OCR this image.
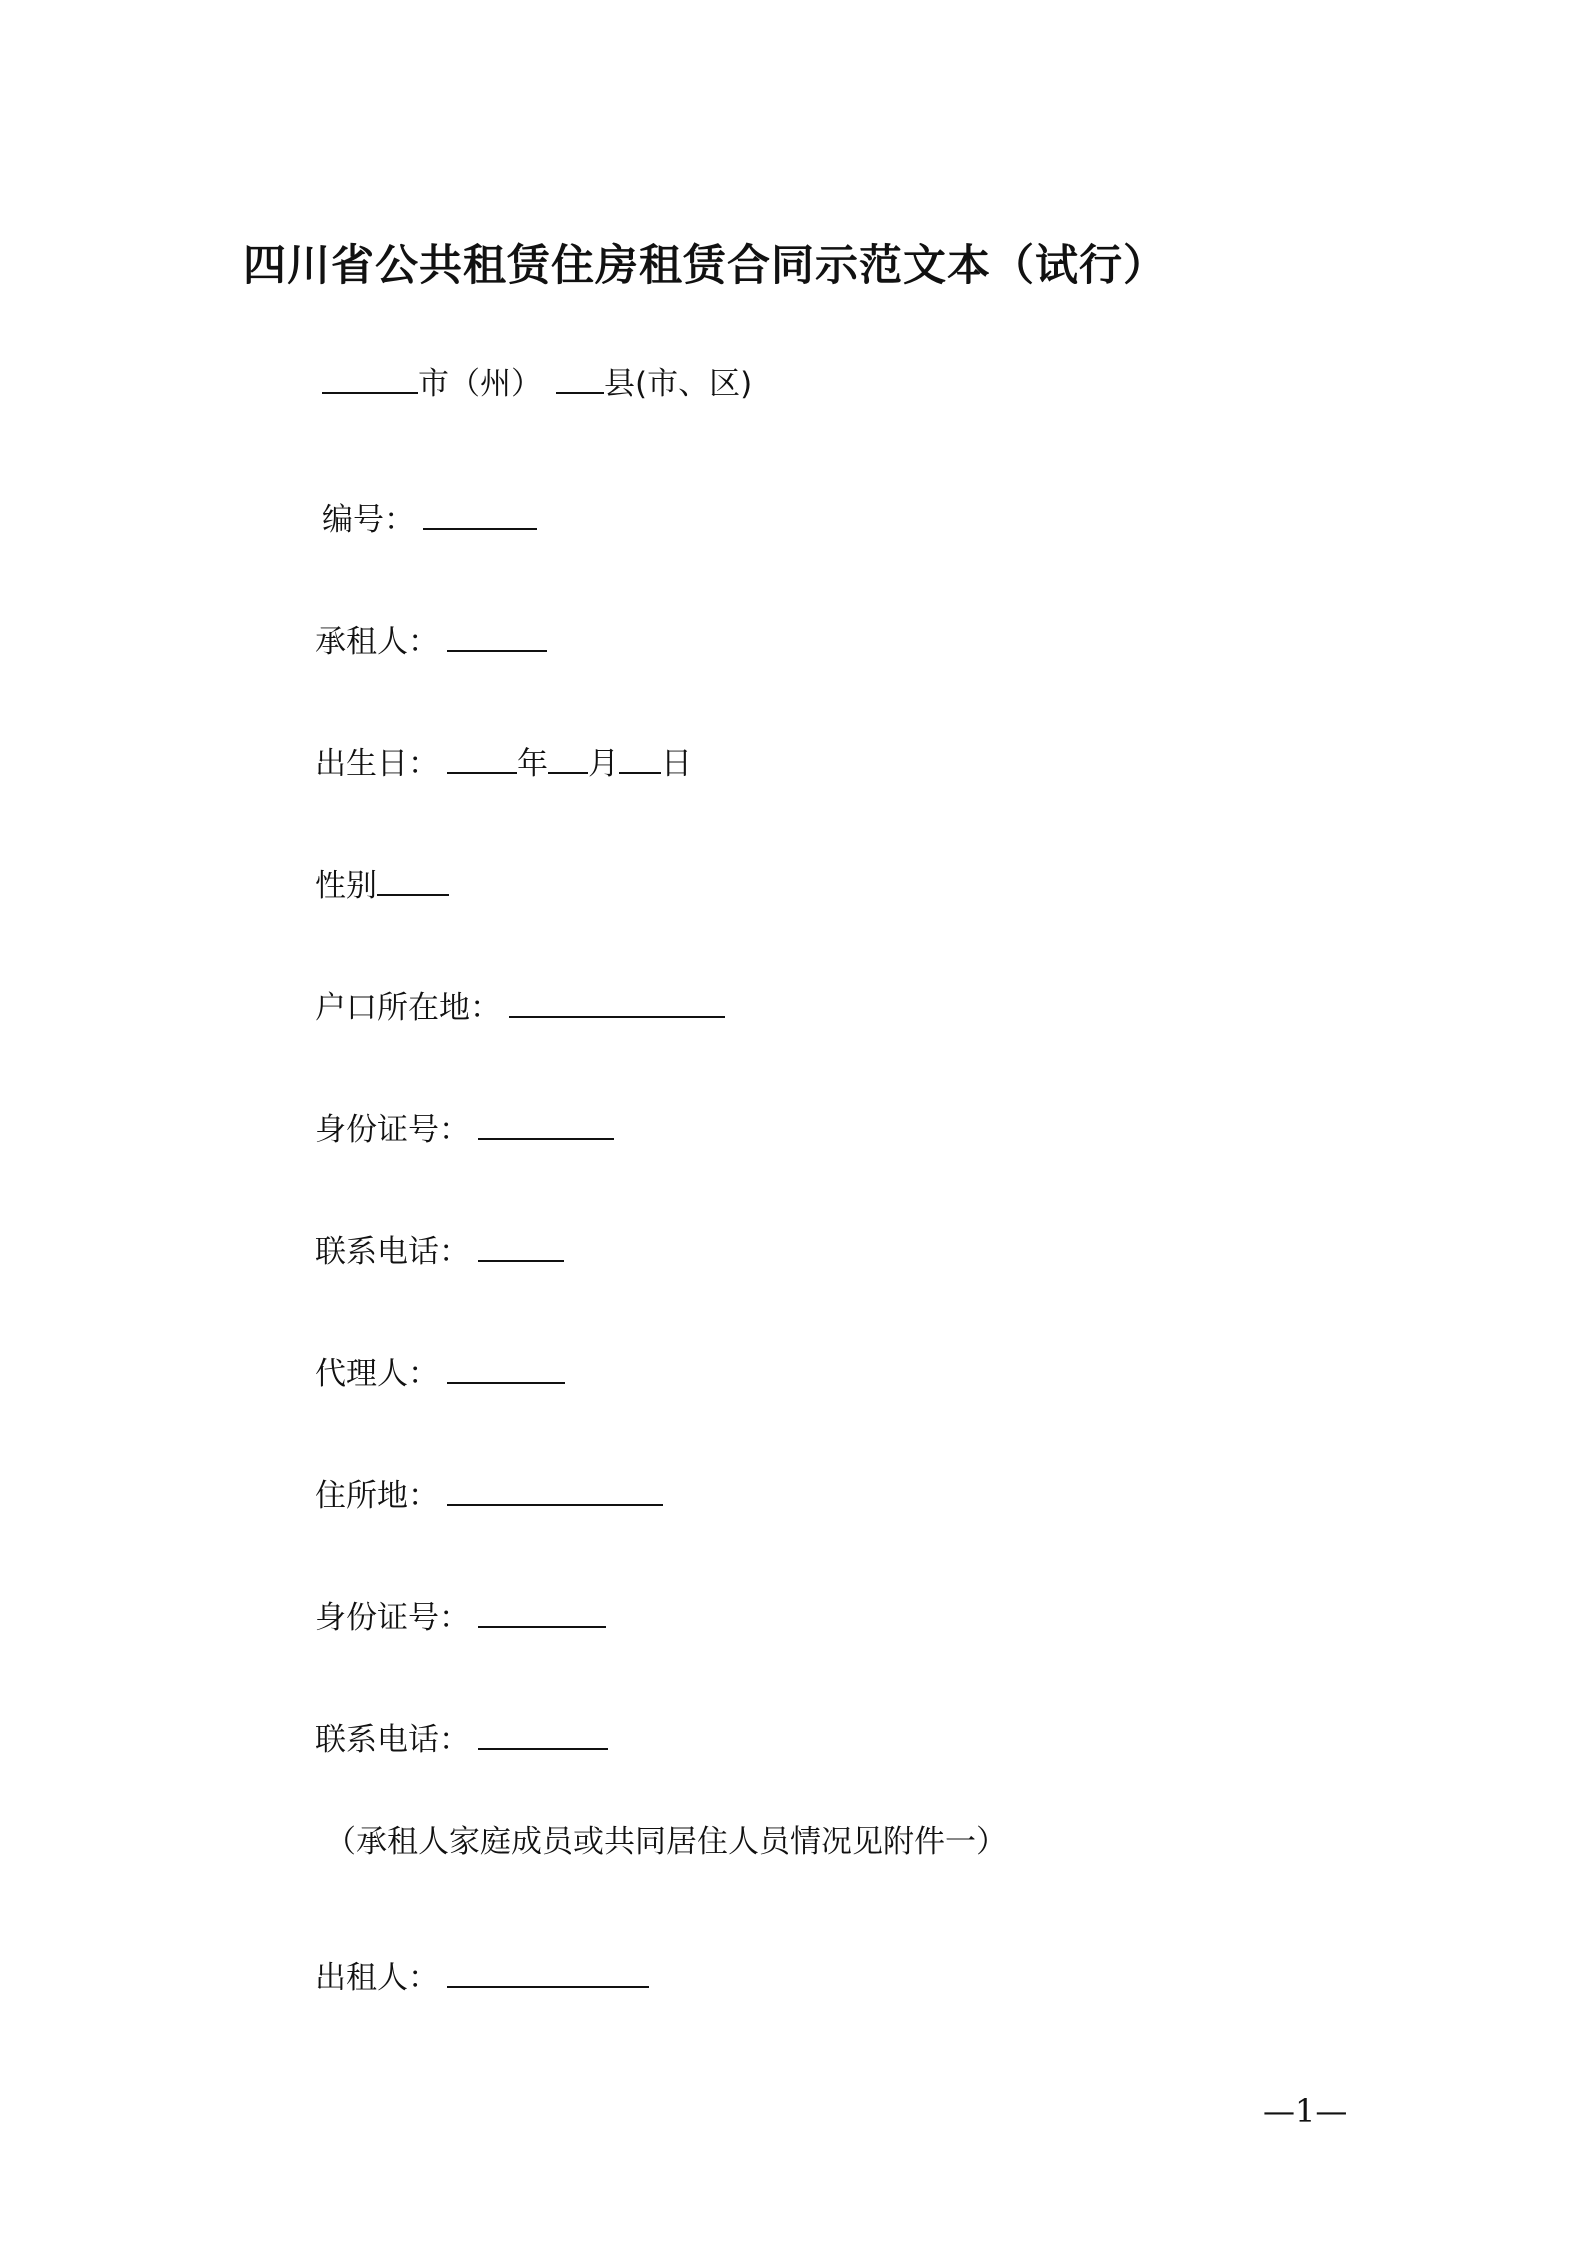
四川省公共租赁住房租赁合同示范文本（试行）
市（州） 县(市、区)
编号：
承租人：
出生日：	年 月 日
性别
户口所在地：
身份证号：
联系电话：
代理人：
住所地：
身份证号：
联系电话：
（承租人家庭成员或共同居住人员情况见附件一）
出租人：
—1—
